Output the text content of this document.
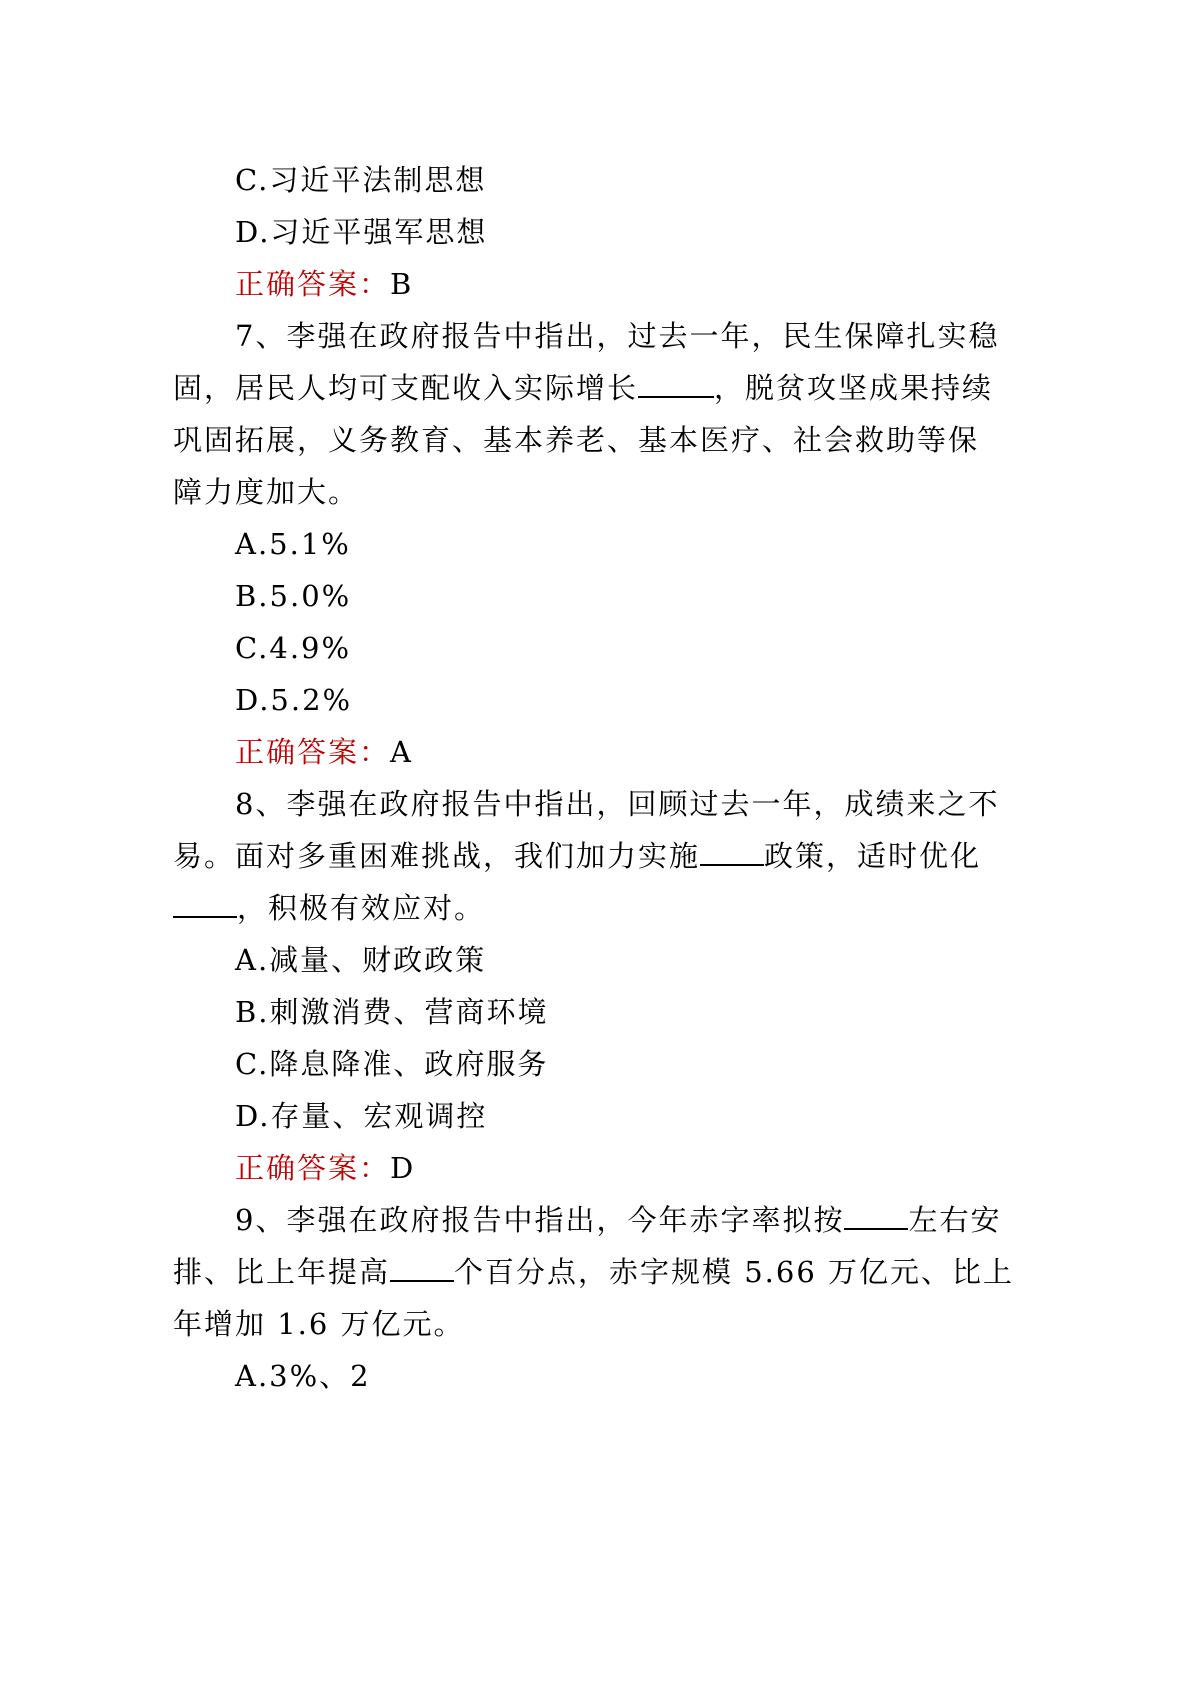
C.习近平法制思想
D.习近平强军思想
正确答案：B
7、李强在政府报告中指出，过去一年，民生保障扎实稳
固，居民人均可支配收入实际增长	，脱贫攻坚成果持续
巩固拓展，义务教育、基本养老、基本医疗、社会救助等保
障力度加大。
A.5.1%
B.5.0%
C.4.9%
D.5.2%
正确答案：A
8、李强在政府报告中指出，回顾过去一年，成绩来之不
易。面对多重困难挑战，我们加力实施 政策，适时优化
，积极有效应对。
A.减量、财政政策
B.刺激消费、营商环境
C.降息降准、政府服务
D.存量、宏观调控
正确答案：D
9、李强在政府报告中指出，今年赤字率拟按 左右安
排、比上年提高 个百分点，赤字规模 5.66 万亿元、比上
年增加 1.6 万亿元。
A.3%、2
